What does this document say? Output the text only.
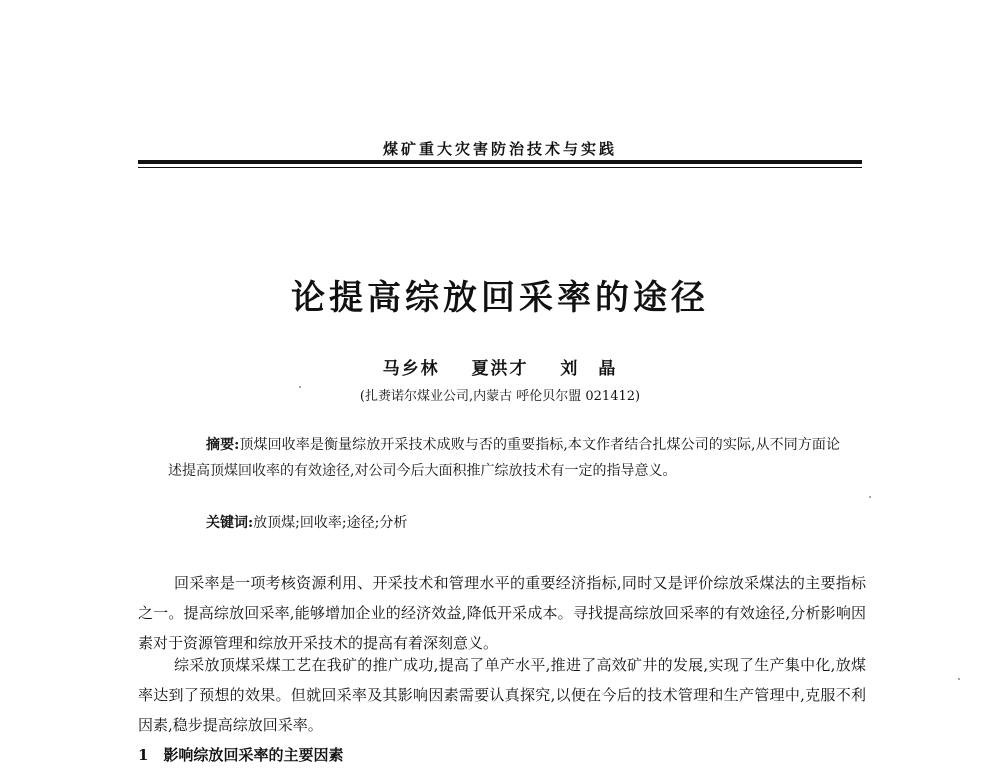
煤矿重大灾害防治技术与实践
论提高综放回采率的途径
马乡林 夏洪才 刘　晶
(扎赉诺尔煤业公司,内蒙古 呼伦贝尔盟 021412)
摘要:顶煤回收率是衡量综放开采技术成败与否的重要指标,本文作者结合扎煤公司的实际,从不同方面论述提高顶煤回收率的有效途径,对公司今后大面积推广综放技术有一定的指导意义。
关键词:放顶煤;回收率;途径;分析
回采率是一项考核资源利用、开采技术和管理水平的重要经济指标,同时又是评价综放采煤法的主要指标之一。提高综放回采率,能够增加企业的经济效益,降低开采成本。寻找提高综放回采率的有效途径,分析影响因素对于资源管理和综放开采技术的提高有着深刻意义。
综采放顶煤采煤工艺在我矿的推广成功,提高了单产水平,推进了高效矿井的发展,实现了生产集中化,放煤率达到了预想的效果。但就回采率及其影响因素需要认真探究,以便在今后的技术管理和生产管理中,克服不利因素,稳步提高综放回采率。
1　影响综放回采率的主要因素
